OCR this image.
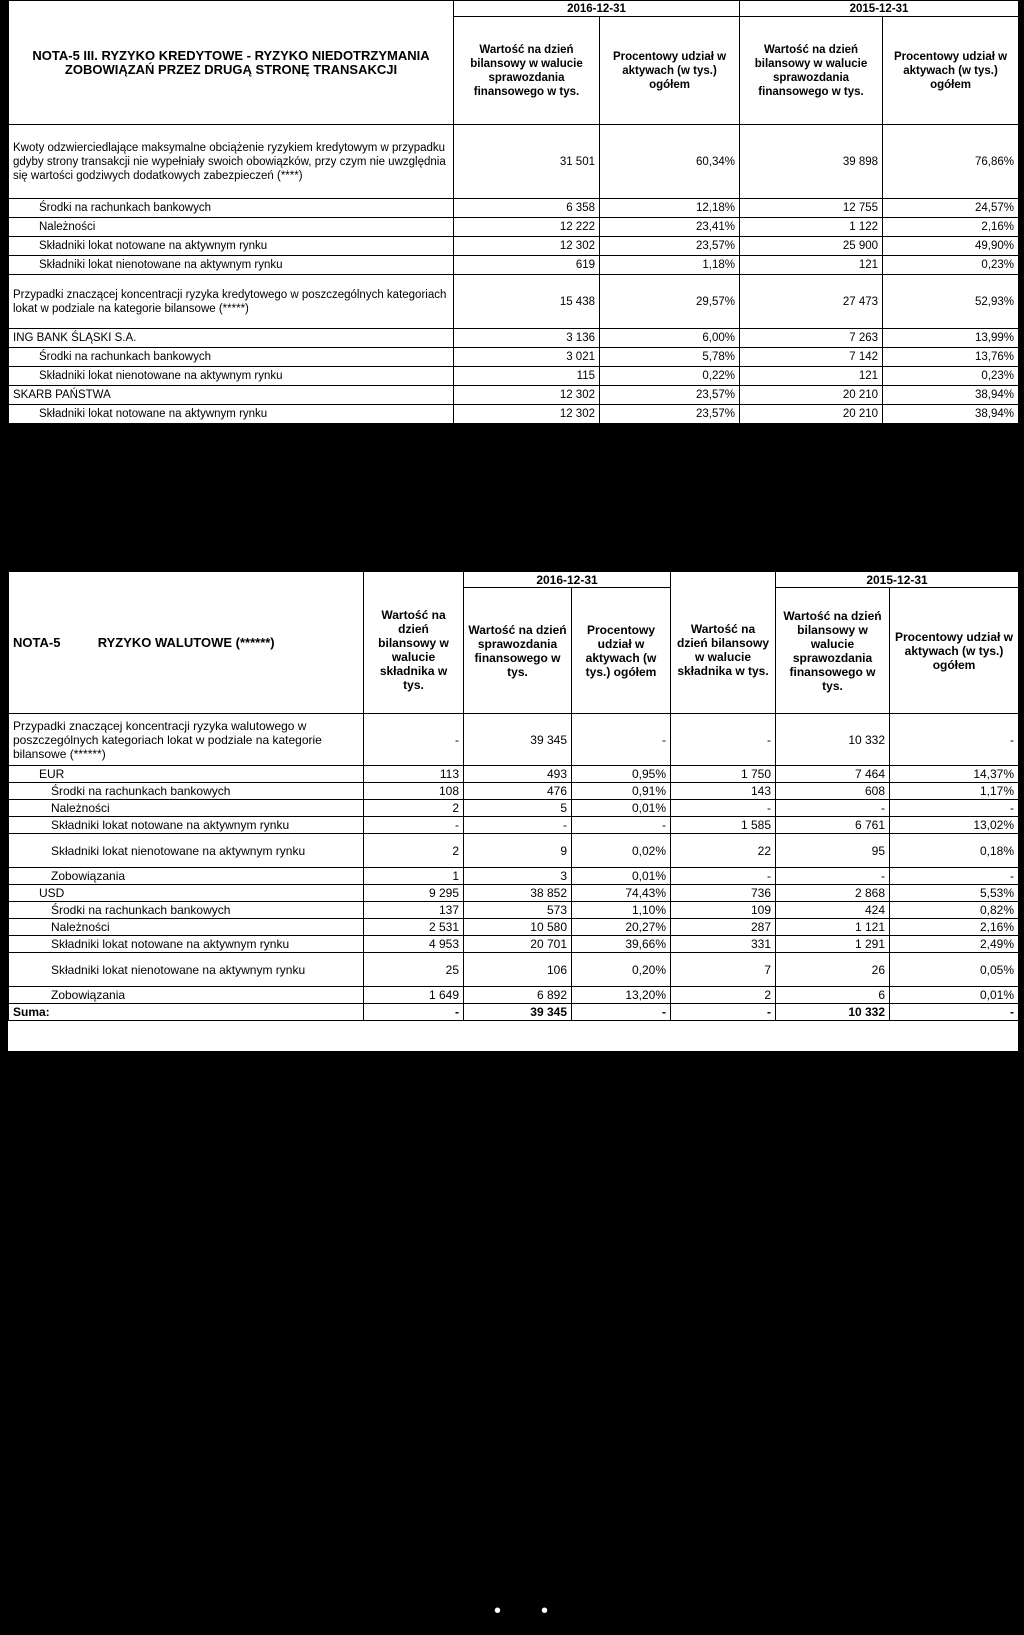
NOTA-5 III. RYZYKO KREDYTOWE - RYZYKO NIEDOTRZYMANIA ZOBOWIĄZAŃ PRZEZ DRUGĄ STRONĘ TRANSAKCJI	2016-12-31		2015-12-31	
	Wartość na dzień bilansowy w walucie sprawozdania finansowego w tys.	Procentowy udział w aktywach (w tys.) ogółem	Wartość na dzień bilansowy w walucie sprawozdania finansowego w tys.	Procentowy udział w aktywach (w tys.) ogółem
Kwoty odzwierciedlające maksymalne obciążenie ryzykiem kredytowym w przypadku gdyby strony transakcji nie wypełniały swoich obowiązków, przy czym nie uwzględnia się wartości godziwych dodatkowych zabezpieczeń (****)	31 501	60,34%	39 898	76,86%
Środki na rachunkach bankowych	6 358	12,18%	12 755	24,57%
Należności	12 222	23,41%	1 122	2,16%
Składniki lokat notowane na aktywnym rynku	12 302	23,57%	25 900	49,90%
Składniki lokat nienotowane na aktywnym rynku	619	1,18%	121	0,23%
Przypadki znaczącej koncentracji ryzyka kredytowego w poszczególnych kategoriach lokat w podziale na kategorie bilansowe (*****)	15 438	29,57%	27 473	52,93%
ING BANK ŚLĄSKI S.A.	3 136	6,00%	7 263	13,99%
Środki na rachunkach bankowych	3 021	5,78%	7 142	13,76%
Składniki lokat nienotowane na aktywnym rynku	115	0,22%	121	0,23%
SKARB PAŃSTWA	12 302	23,57%	20 210	38,94%
Składniki lokat notowane na aktywnym rynku	12 302	23,57%	20 210	38,94%
NOTA-5 RYZYKO WALUTOWE (******)		2016-12-31			2015-12-31	
	Wartość na dzień bilansowy w walucie składnika w tys.	Wartość na dzień sprawozdania finansowego w tys.	Procentowy udział w aktywach (w tys.) ogółem	Wartość na dzień bilansowy w walucie składnika w tys.	Wartość na dzień bilansowy w walucie sprawozdania finansowego w tys.	Procentowy udział w aktywach (w tys.) ogółem
Przypadki znaczącej koncentracji ryzyka walutowego w poszczególnych kategoriach lokat w podziale na kategorie bilansowe (******)	-	39 345	-	-	10 332	-
EUR	113	493	0,95%	1 750	7 464	14,37%
Środki na rachunkach bankowych	108	476	0,91%	143	608	1,17%
Należności	2	5	0,01%	-	-	-
Składniki lokat notowane na aktywnym rynku	-	-	-	1 585	6 761	13,02%
Składniki lokat nienotowane na aktywnym rynku	2	9	0,02%	22	95	0,18%
Zobowiązania	1	3	0,01%	-	-	-
USD	9 295	38 852	74,43%	736	2 868	5,53%
Środki na rachunkach bankowych	137	573	1,10%	109	424	0,82%
Należności	2 531	10 580	20,27%	287	1 121	2,16%
Składniki lokat notowane na aktywnym rynku	4 953	20 701	39,66%	331	1 291	2,49%
Składniki lokat nienotowane na aktywnym rynku	25	106	0,20%	7	26	0,05%
Zobowiązania	1 649	6 892	13,20%	2	6	0,01%
Suma:	-	39 345	-	-	10 332	-
••
